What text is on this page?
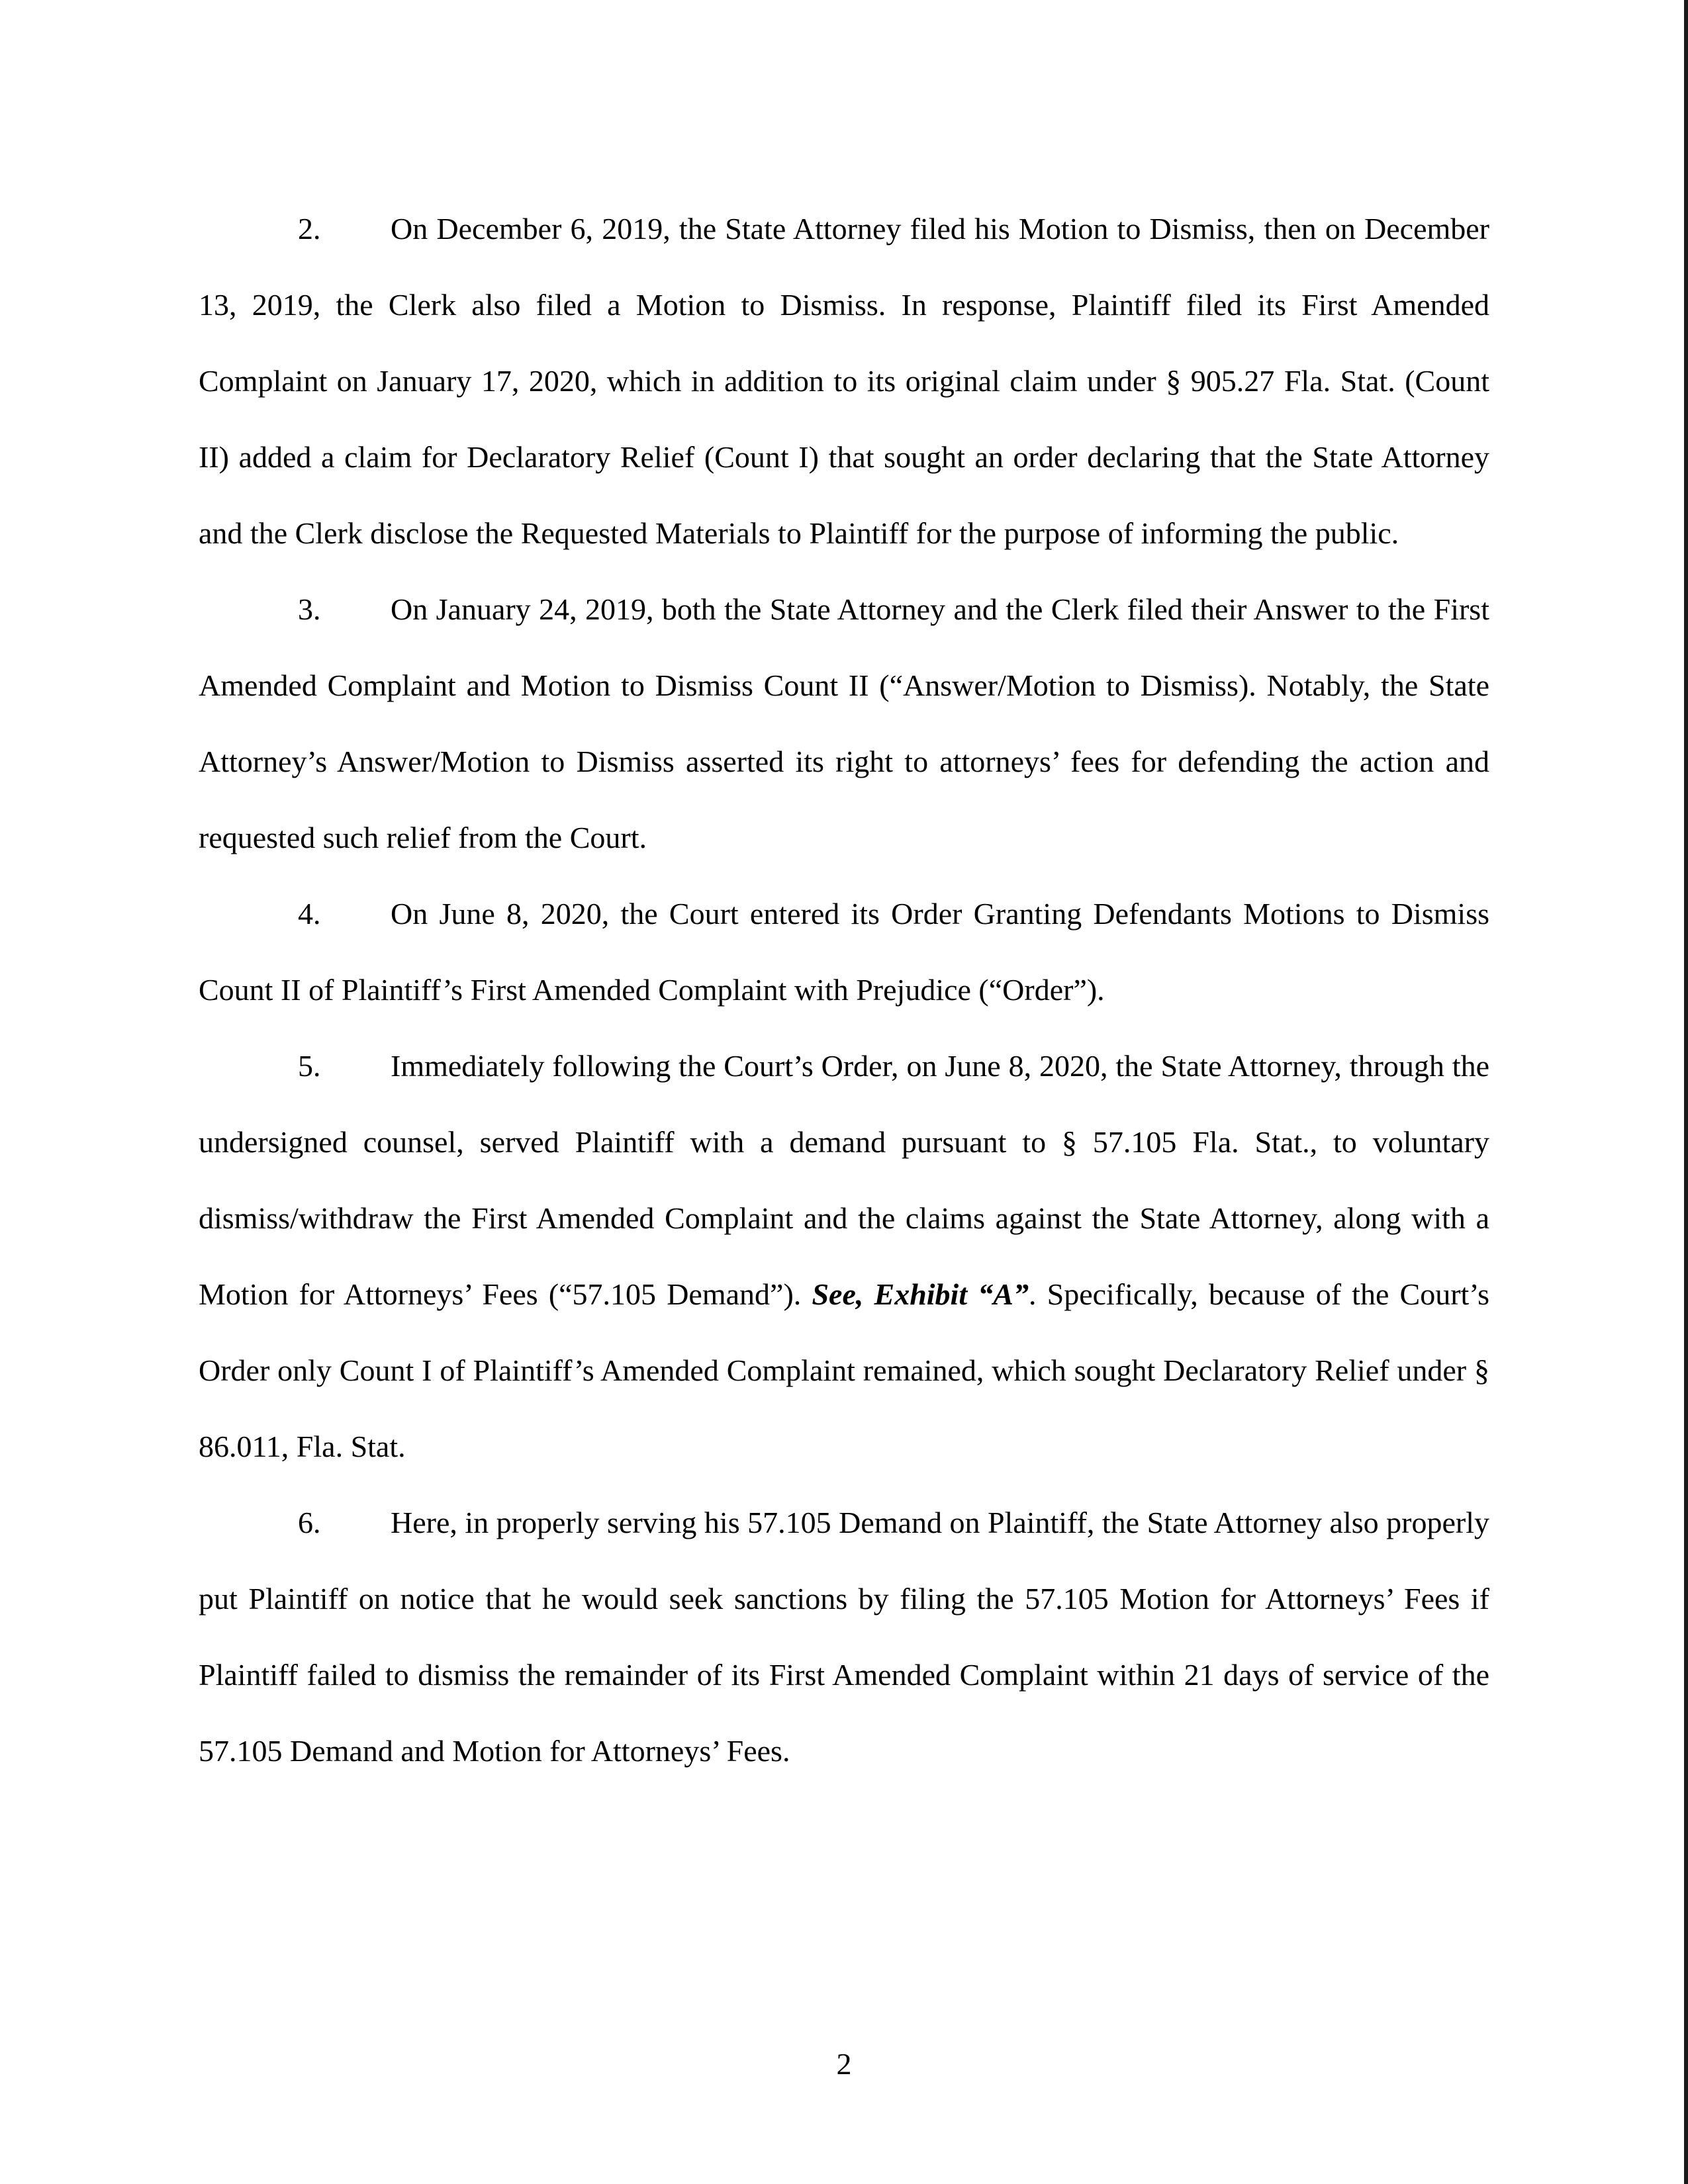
2. On December 6, 2019, the State Attorney filed his Motion to Dismiss, then on December 13, 2019, the Clerk also filed a Motion to Dismiss. In response, Plaintiff filed its First Amended Complaint on January 17, 2020, which in addition to its original claim under § 905.27 Fla. Stat. (Count II) added a claim for Declaratory Relief (Count I) that sought an order declaring that the State Attorney and the Clerk disclose the Requested Materials to Plaintiff for the purpose of informing the public.

3. On January 24, 2019, both the State Attorney and the Clerk filed their Answer to the First Amended Complaint and Motion to Dismiss Count II (“Answer/Motion to Dismiss). Notably, the State Attorney’s Answer/Motion to Dismiss asserted its right to attorneys’ fees for defending the action and requested such relief from the Court.

4. On June 8, 2020, the Court entered its Order Granting Defendants Motions to Dismiss Count II of Plaintiff’s First Amended Complaint with Prejudice (“Order”).

5. Immediately following the Court’s Order, on June 8, 2020, the State Attorney, through the undersigned counsel, served Plaintiff with a demand pursuant to § 57.105 Fla. Stat., to voluntary dismiss/withdraw the First Amended Complaint and the claims against the State Attorney, along with a Motion for Attorneys’ Fees (“57.105 Demand”). See, Exhibit “A”. Specifically, because of the Court’s Order only Count I of Plaintiff’s Amended Complaint remained, which sought Declaratory Relief under § 86.011, Fla. Stat.

6. Here, in properly serving his 57.105 Demand on Plaintiff, the State Attorney also properly put Plaintiff on notice that he would seek sanctions by filing the 57.105 Motion for Attorneys’ Fees if Plaintiff failed to dismiss the remainder of its First Amended Complaint within 21 days of service of the 57.105 Demand and Motion for Attorneys’ Fees.

2
